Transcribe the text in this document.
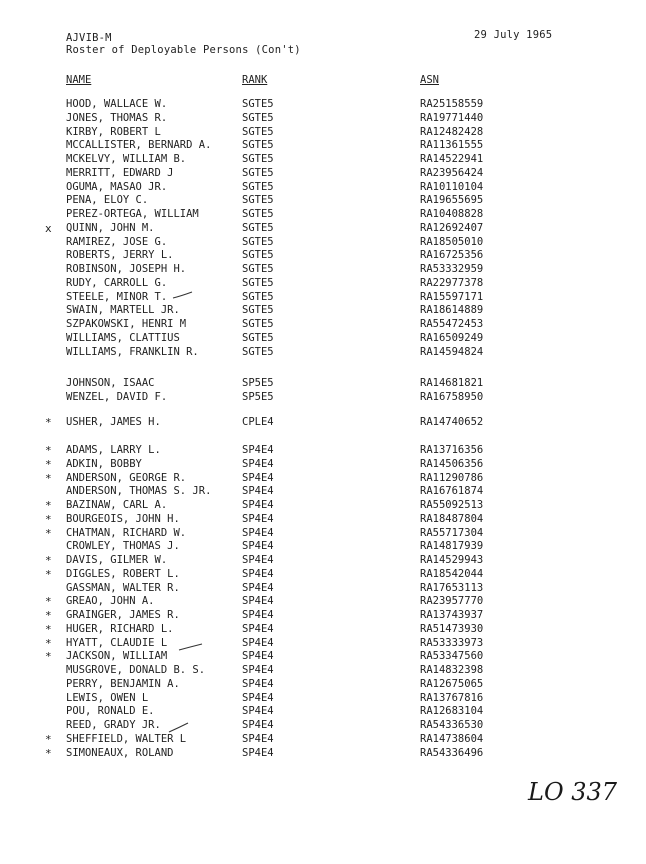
AJVIB-M
Roster of Deployable Persons (Con't)
29 July 1965
NAME	RANK	ASN
HOOD, WALLACE W.	SGTE5	RA25158559
JONES, THOMAS R.	SGTE5	RA19771440
KIRBY, ROBERT L	SGTE5	RA12482428
MCCALLISTER, BERNARD A.	SGTE5	RA11361555
MCKELVY, WILLIAM B.	SGTE5	RA14522941
MERRITT, EDWARD J	SGTE5	RA23956424
OGUMA, MASAO JR.	SGTE5	RA10110104
PENA, ELOY C.	SGTE5	RA19655695
PEREZ-ORTEGA, WILLIAM	SGTE5	RA10408828
x QUINN, JOHN M.	SGTE5	RA12692407
RAMIREZ, JOSE G.	SGTE5	RA18505010
ROBERTS, JERRY L.	SGTE5	RA16725356
ROBINSON, JOSEPH H.	SGTE5	RA53332959
RUDY, CARROLL G.	SGTE5	RA22977378
STEELE, MINOR T.	SGTE5	RA15597171
SWAIN, MARTELL JR.	SGTE5	RA18614889
SZPAKOWSKI, HENRI M	SGTE5	RA55472453
WILLIAMS, CLATTIUS	SGTE5	RA16509249
WILLIAMS, FRANKLIN R.	SGTE5	RA14594824
JOHNSON, ISAAC	SP5E5	RA14681821
WENZEL, DAVID F.	SP5E5	RA16758950
* USHER, JAMES H.	CPLE4	RA14740652
* ADAMS, LARRY L.	SP4E4	RA13716356
* ADKIN, BOBBY	SP4E4	RA14506356
* ANDERSON, GEORGE R.	SP4E4	RA11290786
ANDERSON, THOMAS S. JR.	SP4E4	RA16761874
* BAZINAW, CARL A.	SP4E4	RA55092513
* BOURGEOIS, JOHN H.	SP4E4	RA18487804
* CHATMAN, RICHARD W.	SP4E4	RA55717304
CROWLEY, THOMAS J.	SP4E4	RA14817939
* DAVIS, GILMER W.	SP4E4	RA14529943
* DIGGLES, ROBERT L.	SP4E4	RA18542044
GASSMAN, WALTER R.	SP4E4	RA17653113
* GREAO, JOHN A.	SP4E4	RA23957770
* GRAINGER, JAMES R.	SP4E4	RA13743937
* HUGER, RICHARD L.	SP4E4	RA51473930
* HYATT, CLAUDIE L	SP4E4	RA53333973
* JACKSON, WILLIAM	SP4E4	RA53347560
MUSGROVE, DONALD B. S.	SP4E4	RA14832398
PERRY, BENJAMIN A.	SP4E4	RA12675065
LEWIS, OWEN L	SP4E4	RA13767816
POU, RONALD E.	SP4E4	RA12683104
REED, GRADY JR.	SP4E4	RA54336530
* SHEFFIELD, WALTER L	SP4E4	RA14738604
* SIMONEAUX, ROLAND	SP4E4	RA54336496
LO 337
